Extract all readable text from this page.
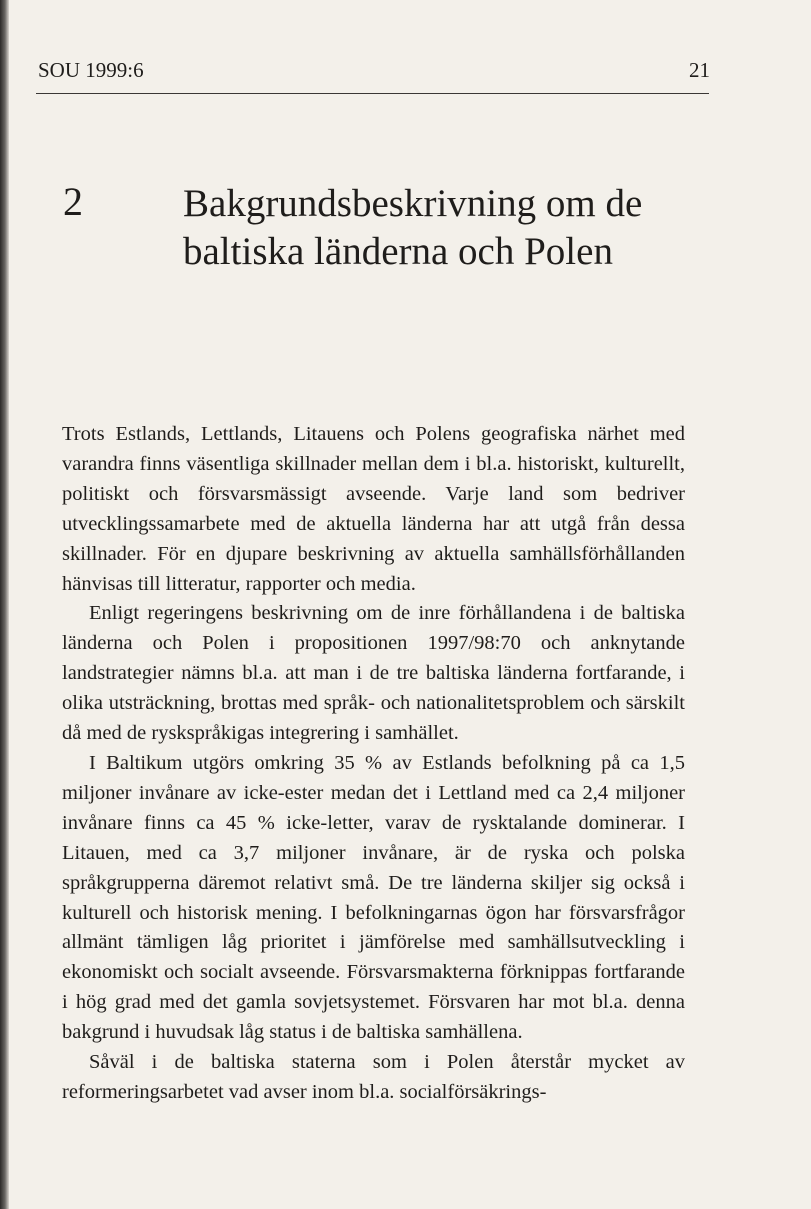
SOU 1999:6	21
2	Bakgrundsbeskrivning om de
baltiska länderna och Polen

Trots Estlands, Lettlands, Litauens och Polens geografiska närhet med varandra finns väsentliga skillnader mellan dem i bl.a. historiskt, kulturellt, politiskt och försvarsmässigt avseende. Varje land som bedriver utvecklingssamarbete med de aktuella länderna har att utgå från dessa skillnader. För en djupare beskrivning av aktuella samhällsförhållanden hänvisas till litteratur, rapporter och media.

Enligt regeringens beskrivning om de inre förhållandena i de baltiska länderna och Polen i propositionen 1997/98:70 och anknytande landstrategier nämns bl.a. att man i de tre baltiska länderna fortfarande, i olika utsträckning, brottas med språk- och nationalitetsproblem och särskilt då med de ryskspråkigas integrering i samhället.

I Baltikum utgörs omkring 35 % av Estlands befolkning på ca 1,5 miljoner invånare av icke-ester medan det i Lettland med ca 2,4 miljoner invånare finns ca 45 % icke-letter, varav de rysktalande dominerar. I Litauen, med ca 3,7 miljoner invånare, är de ryska och polska språkgrupperna däremot relativt små. De tre länderna skiljer sig också i kulturell och historisk mening. I befolkningarnas ögon har försvarsfrågor allmänt tämligen låg prioritet i jämförelse med samhällsutveckling i ekonomiskt och socialt avseende. Försvarsmakterna förknippas fortfarande i hög grad med det gamla sovjetsystemet. Försvaren har mot bl.a. denna bakgrund i huvudsak låg status i de baltiska samhällena.

Såväl i de baltiska staterna som i Polen återstår mycket av reformeringsarbetet vad avser inom bl.a. socialförsäkrings-
